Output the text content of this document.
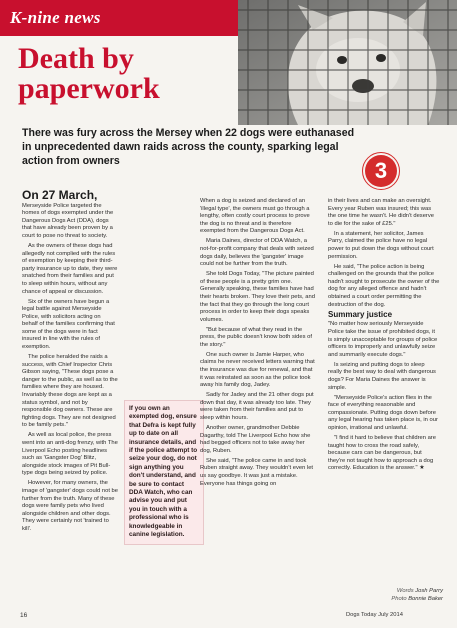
K-nine news
Death by
paperwork
There was fury across the Mersey when 22 dogs were euthanased in unprecedented dawn raids across the county, sparking legal action from owners	3

On 27 March, Merseyside Police targeted the homes of dogs exempted under the Dangerous Dogs Act (DDA), dogs that have already been proven by a court to pose no threat to society.

As the owners of these dogs had allegedly not complied with the rules of exemption by keeping their third-party insurance up to date, they were snatched from their families and put to sleep within hours, without any chance of appeal or discussion.

Six of the owners have begun a legal battle against Merseyside Police, with solicitors acting on behalf of the families confirming that some of the dogs were in fact insured in line with the rules of exemption.

The police heralded the raids a success, with Chief Inspector Chris Gibson saying, "These dogs pose a danger to the public, as well as to the families where they are housed. Invariably these dogs are kept as a status symbol, and not by responsible dog owners. These are fighting dogs. They are not designed to be family pets."

As well as local police, the press went into an anti-dog frenzy, with The Liverpool Echo posting headlines such as 'Gangster Dog' Blitz, alongside stock images of Pit Bull-type dogs being seized by police.

However, for many owners, the image of 'gangster' dogs could not be further from the truth. Many of these dogs were family pets who lived alongside children and other dogs. They were certainly not 'trained to kill'.

If you own an exempted dog, ensure that Defra is kept fully up to date on all insurance details, and if the police attempt to seize your dog, do not sign anything you don't understand, and be sure to contact DDA Watch, who can advise you and put you in touch with a professional who is knowledgeable in canine legislation.

When a dog is seized and declared of an 'illegal type', the owners must go through a lengthy, often costly court process to prove the dog is no threat and is therefore exempted from the Dangerous Dogs Act.

Maria Daines, director of DDA Watch, a not-for-profit company that deals with seized dogs daily, believes the 'gangster' image could not be further from the truth.

She told Dogs Today, "The picture painted of these people is a pretty grim one. Generally speaking, these families have had their hearts broken. They love their pets, and the fact that they go through the long court process in order to keep their dogs speaks volumes.

"But because of what they read in the press, the public doesn't know both sides of the story."

One such owner is Jamie Harper, who claims he never received letters warning that the insurance was due for renewal, and that it was reinstated as soon as the police took away his family dog, Jadey.

Sadly for Jadey and the 21 other dogs put down that day, it was already too late. They were taken from their families and put to sleep within hours.

Another owner, grandmother Debbie Dagarthy, told The Liverpool Echo how she had begged officers not to take away her dog, Ruben.

She said, "The police came in and took Ruben straight away. They wouldn't even let us say goodbye. It was just a mistake. Everyone has things going on

in their lives and can make an oversight. Every year Ruben was insured; this was the one time he wasn't. He didn't deserve to die for the sake of £25."

In a statement, her solicitor, James Parry, claimed the police have no legal power to put down the dogs without court permission.

He said, "The police action is being challenged on the grounds that the police hadn't sought to prosecute the owner of the dog for any alleged offence and hadn't obtained a court order permitting the destruction of the dog.

Summary justice

"No matter how seriously Merseyside Police take the issue of prohibited dogs, it is simply unacceptable for groups of police officers to improperly and unlawfully seize and summarily execute dogs."

Is seizing and putting dogs to sleep really the best way to deal with dangerous dogs? For Maria Daines the answer is simple.

"Merseyside Police's action flies in the face of everything reasonable and compassionate. Putting dogs down before any legal hearing has taken place is, in our opinion, irrational and unlawful.

"I find it hard to believe that children are taught how to cross the road safely, because cars can be dangerous, but they're not taught how to approach a dog correctly. Education is the answer." ★

Words Josh Parry
Photo Bonnie Baker
16	Dogs Today July 2014
